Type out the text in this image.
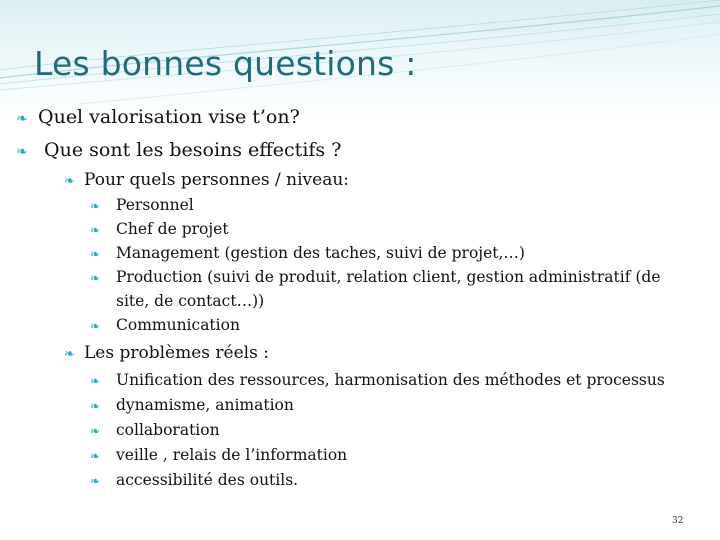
Les bonnes questions :
❧ Quel valorisation vise t’on?
❧ Que sont les besoins effectifs ?
❧ Pour quels personnes / niveau:
❧ Personnel
❧ Chef de projet
❧ Management (gestion des taches, suivi de projet,…)
❧ Production (suivi de produit, relation client, gestion administratif (de
site, de contact…))
❧ Communication
❧ Les problèmes réels :
❧ Unification des ressources, harmonisation des méthodes et processus
❧ dynamisme, animation
❧ collaboration
❧ veille , relais de l’information
❧ accessibilité des outils.
32
